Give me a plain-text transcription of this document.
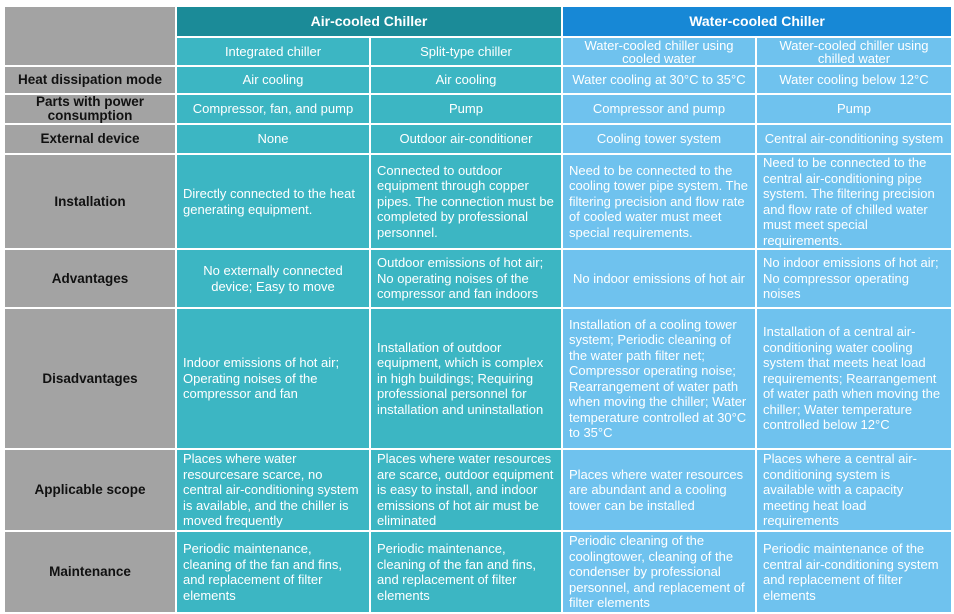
	Air-cooled Chiller		Water-cooled Chiller	
	Integrated chiller	Split-type chiller	Water-cooled chiller using cooled water	Water-cooled chiller using chilled water
Heat dissipation mode	Air cooling	Air cooling	Water cooling at 30°C to 35°C	Water cooling below 12°C
Parts with power consumption	Compressor, fan, and pump	Pump	Compressor and pump	Pump
External device	None	Outdoor air-conditioner	Cooling tower system	Central air-conditioning system
Installation	Directly connected to the heat generating equipment.	Connected to outdoor equipment through copper pipes. The connection must be completed by professional personnel.	Need to be connected to the cooling tower pipe system. The filtering precision and flow rate of cooled water must meet special requirements.	Need to be connected to the central air-conditioning pipe system. The filtering precision and flow rate of chilled water must meet special requirements.
Advantages	No externally connected device; Easy to move	Outdoor emissions of hot air; No operating noises of the compressor and fan indoors	No indoor emissions of hot air	No indoor emissions of hot air; No compressor operating noises
Disadvantages	Indoor emissions of hot air; Operating noises of the compressor and fan	Installation of outdoor equipment, which is complex in high buildings; Requiring professional personnel for installation and uninstallation	Installation of a cooling tower system; Periodic cleaning of the water path filter net; Compressor operating noise; Rearrangement of water path when moving the chiller; Water temperature controlled at 30°C to 35°C	Installation of a central air-conditioning water cooling system that meets heat load requirements; Rearrangement of water path when moving the chiller; Water temperature controlled below 12°C
Applicable scope	Places where water resourcesare scarce, no central air-conditioning system is available, and the chiller is moved frequently	Places where water resources are scarce, outdoor equipment is easy to install, and indoor emissions of hot air must be eliminated	Places where water resources are abundant and a cooling tower can be installed	Places where a central air-conditioning system is available with a capacity meeting heat load requirements
Maintenance	Periodic maintenance, cleaning of the fan and fins, and replacement of filter elements	Periodic maintenance, cleaning of the fan and fins, and replacement of filter elements	Periodic cleaning of the coolingtower, cleaning of the condenser by professional personnel, and replacement of filter elements	Periodic maintenance of the central air-conditioning system and replacement of filter elements
